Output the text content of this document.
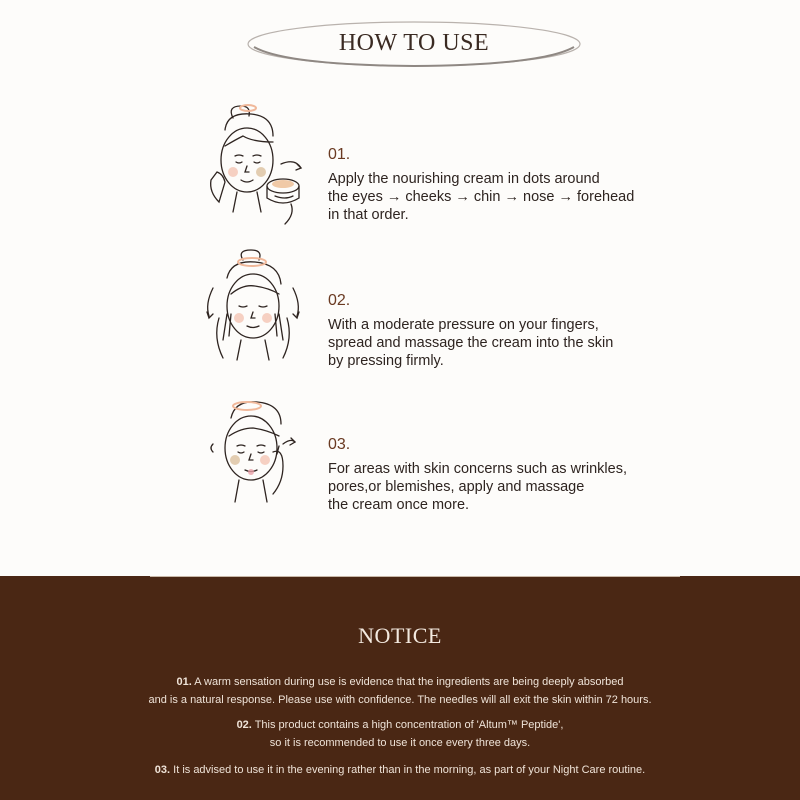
HOW TO USE
01.
Apply the nourishing cream in dots around
the eyes → cheeks → chin → nose → forehead
in that order.
02.
With a moderate pressure on your fingers,
spread and massage the cream into the skin
by pressing firmly.
03.
For areas with skin concerns such as wrinkles,
pores,or blemishes, apply and massage
the cream once more.
NOTICE
01. A warm sensation during use is evidence that the ingredients are being deeply absorbed
and is a natural response. Please use with confidence. The needles will all exit the skin within 72 hours.
02. This product contains a high concentration of 'Altum™ Peptide',
so it is recommended to use it once every three days.
03. It is advised to use it in the evening rather than in the morning, as part of your Night Care routine.
